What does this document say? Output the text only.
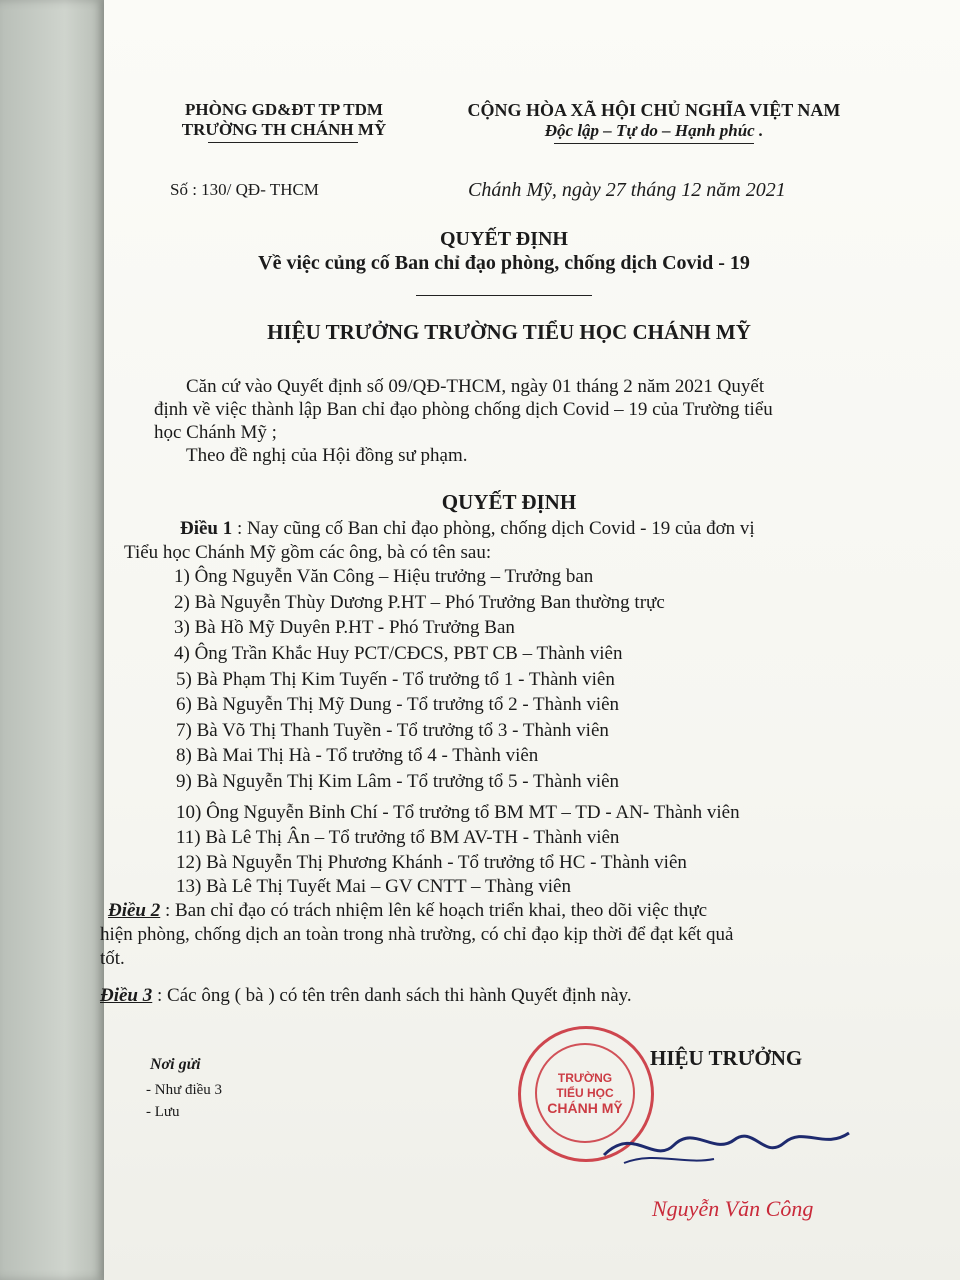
PHÒNG GD&ĐT TP TDM
TRƯỜNG TH CHÁNH MỸ
CỘNG HÒA XÃ HỘI CHỦ NGHĨA VIỆT NAM
Độc lập – Tự do – Hạnh phúc .
Số : 130/ QĐ- THCM	Chánh Mỹ, ngày 27 tháng 12 năm 2021
QUYẾT ĐỊNH
Về việc củng cố Ban chỉ đạo phòng, chống dịch Covid - 19
HIỆU TRƯỞNG TRƯỜNG TIỂU HỌC CHÁNH MỸ
Căn cứ vào Quyết định số 09/QĐ-THCM, ngày 01 tháng 2 năm 2021 Quyết
định về việc thành lập Ban chỉ đạo phòng chống dịch Covid – 19 của Trường tiểu
học Chánh Mỹ ;
Theo đề nghị của Hội đồng sư phạm.
QUYẾT ĐỊNH
Điều 1 : Nay cũng cố Ban chỉ đạo phòng, chống dịch Covid - 19 của đơn vị
Tiểu học Chánh Mỹ gồm các ông, bà có tên sau:
1) Ông Nguyễn Văn Công – Hiệu trưởng – Trưởng ban
2) Bà Nguyễn Thùy Dương P.HT – Phó Trưởng Ban thường trực
3) Bà Hồ Mỹ Duyên P.HT - Phó Trưởng Ban
4) Ông Trần Khắc Huy PCT/CĐCS, PBT CB – Thành viên
5) Bà Phạm Thị Kim Tuyến - Tổ trưởng tổ 1 - Thành viên
6) Bà Nguyễn Thị Mỹ Dung - Tổ trưởng tổ 2 - Thành viên
7) Bà Võ Thị Thanh Tuyền - Tổ trưởng tổ 3 - Thành viên
8) Bà Mai Thị Hà - Tổ trưởng tổ 4 - Thành viên
9) Bà Nguyễn Thị Kim Lâm - Tổ trưởng tổ 5 - Thành viên
10) Ông Nguyễn Bỉnh Chí - Tổ trưởng tổ BM MT – TD - AN- Thành viên
11) Bà Lê Thị Ân – Tổ trưởng tổ BM AV-TH - Thành viên
12) Bà Nguyễn Thị Phương Khánh - Tổ trưởng tổ HC - Thành viên
13) Bà Lê Thị Tuyết Mai – GV CNTT – Thàng viên
Điều 2 : Ban chỉ đạo có trách nhiệm lên kế hoạch triển khai, theo dõi việc thực
hiện phòng, chống dịch an toàn trong nhà trường, có chỉ đạo kịp thời để đạt kết quả
tốt.
Điều 3 : Các ông ( bà ) có tên trên danh sách thi hành Quyết định này.
Nơi gửi
- Như điều 3
- Lưu
HIỆU TRƯỞNG
TRƯỜNG
TIỂU HỌC
CHÁNH MỸ
Nguyễn Văn Công
